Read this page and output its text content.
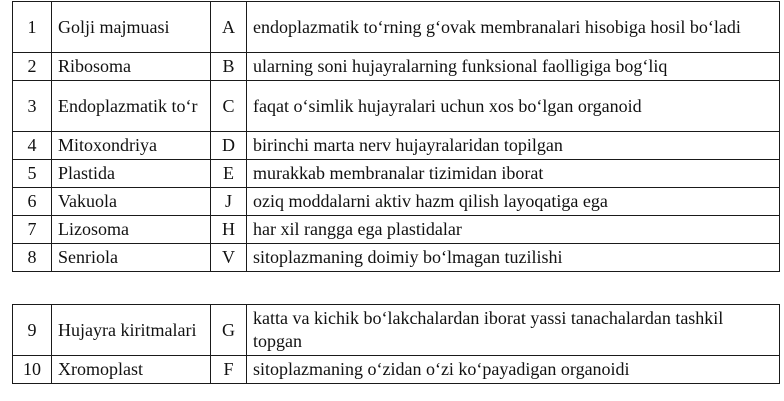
1	Golji majmuasi	A	endoplazmatik to‘rning g‘ovak membranalari hisobiga hosil bo‘ladi
2	Ribosoma	B	ularning soni hujayralarning funksional faolligiga bog‘liq
3	Endoplazmatik to‘r	C	faqat o‘simlik hujayralari uchun xos bo‘lgan organoid
4	Mitoxondriya	D	birinchi marta nerv hujayralaridan topilgan
5	Plastida	E	murakkab membranalar tizimidan iborat
6	Vakuola	J	oziq moddalarni aktiv hazm qilish layoqatiga ega
7	Lizosoma	H	har xil rangga ega plastidalar
8	Senriola	V	sitoplazmaning doimiy bo‘lmagan tuzilishi
9	Hujayra kiritmalari	G	katta va kichik bo‘lakchalardan iborat yassi tanachalardan tashkil topgan
10	Xromoplast	F	sitoplazmaning o‘zidan o‘zi ko‘payadigan organoidi
